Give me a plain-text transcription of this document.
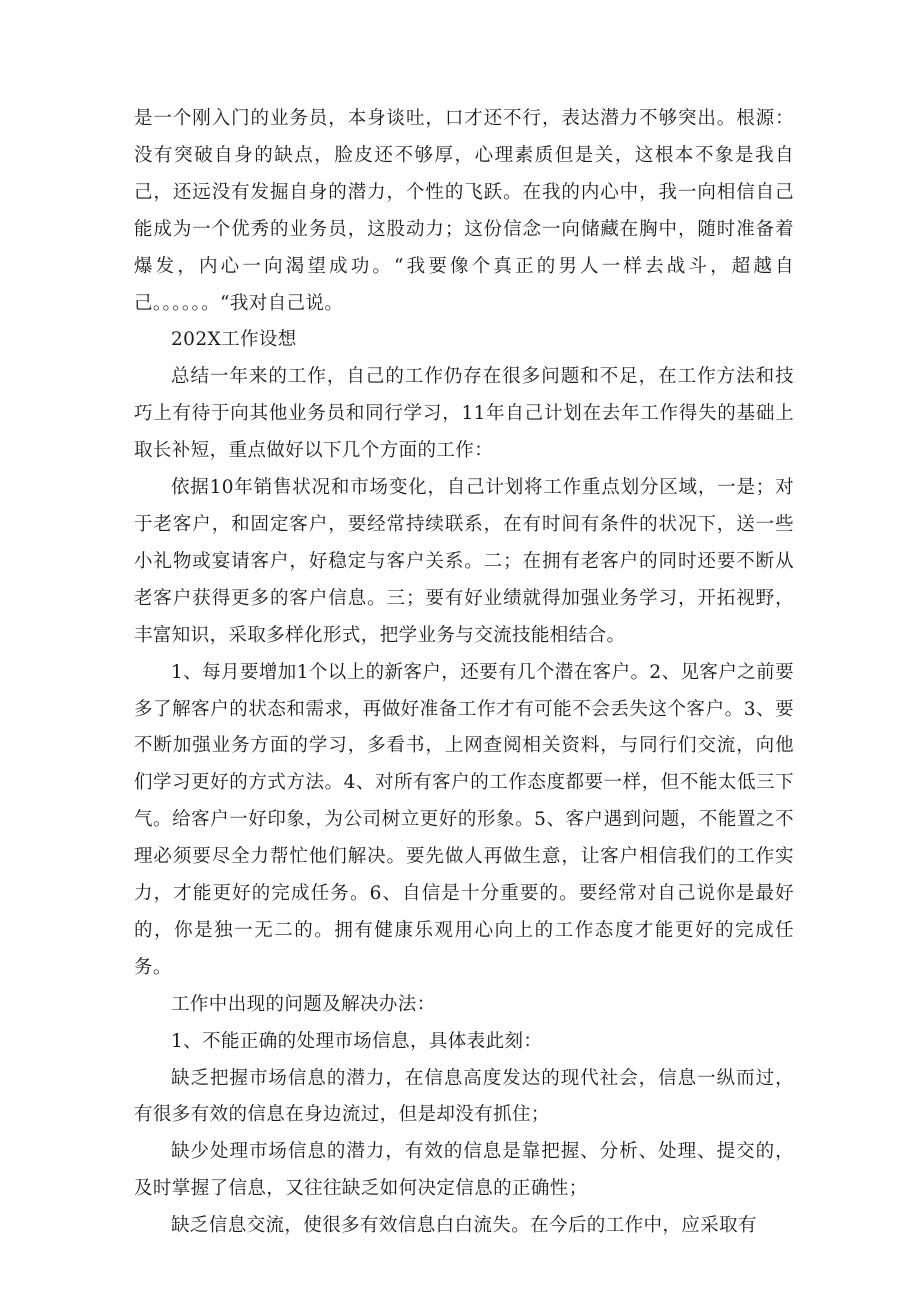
是一个刚入门的业务员，本身谈吐，口才还不行，表达潜力不够突出。根源：没有突破自身的缺点，脸皮还不够厚，心理素质但是关，这根本不象是我自己，还远没有发掘自身的潜力，个性的飞跃。在我的内心中，我一向相信自己能成为一个优秀的业务员，这股动力；这份信念一向储藏在胸中，随时准备着爆发，内心一向渴望成功。“我要像个真正的男人一样去战斗，超越自己。。。。。。“我对自己说。

202X工作设想

总结一年来的工作，自己的工作仍存在很多问题和不足，在工作方法和技巧上有待于向其他业务员和同行学习，11年自己计划在去年工作得失的基础上取长补短，重点做好以下几个方面的工作：

依据10年销售状况和市场变化，自己计划将工作重点划分区域，一是；对于老客户，和固定客户，要经常持续联系，在有时间有条件的状况下，送一些小礼物或宴请客户，好稳定与客户关系。二；在拥有老客户的同时还要不断从老客户获得更多的客户信息。三；要有好业绩就得加强业务学习，开拓视野，丰富知识，采取多样化形式，把学业务与交流技能相结合。

1、每月要增加1个以上的新客户，还要有几个潜在客户。2、见客户之前要多了解客户的状态和需求，再做好准备工作才有可能不会丢失这个客户。3、要不断加强业务方面的学习，多看书，上网查阅相关资料，与同行们交流，向他们学习更好的方式方法。4、对所有客户的工作态度都要一样，但不能太低三下气。给客户一好印象，为公司树立更好的形象。5、客户遇到问题，不能置之不理必须要尽全力帮忙他们解决。要先做人再做生意，让客户相信我们的工作实力，才能更好的完成任务。6、自信是十分重要的。要经常对自己说你是最好的，你是独一无二的。拥有健康乐观用心向上的工作态度才能更好的完成任务。

工作中出现的问题及解决办法：

1、不能正确的处理市场信息，具体表此刻：

缺乏把握市场信息的潜力，在信息高度发达的现代社会，信息一纵而过，有很多有效的信息在身边流过，但是却没有抓住；

缺少处理市场信息的潜力，有效的信息是靠把握、分析、处理、提交的，及时掌握了信息，又往往缺乏如何决定信息的正确性；

缺乏信息交流，使很多有效信息白白流失。在今后的工作中，应采取有
